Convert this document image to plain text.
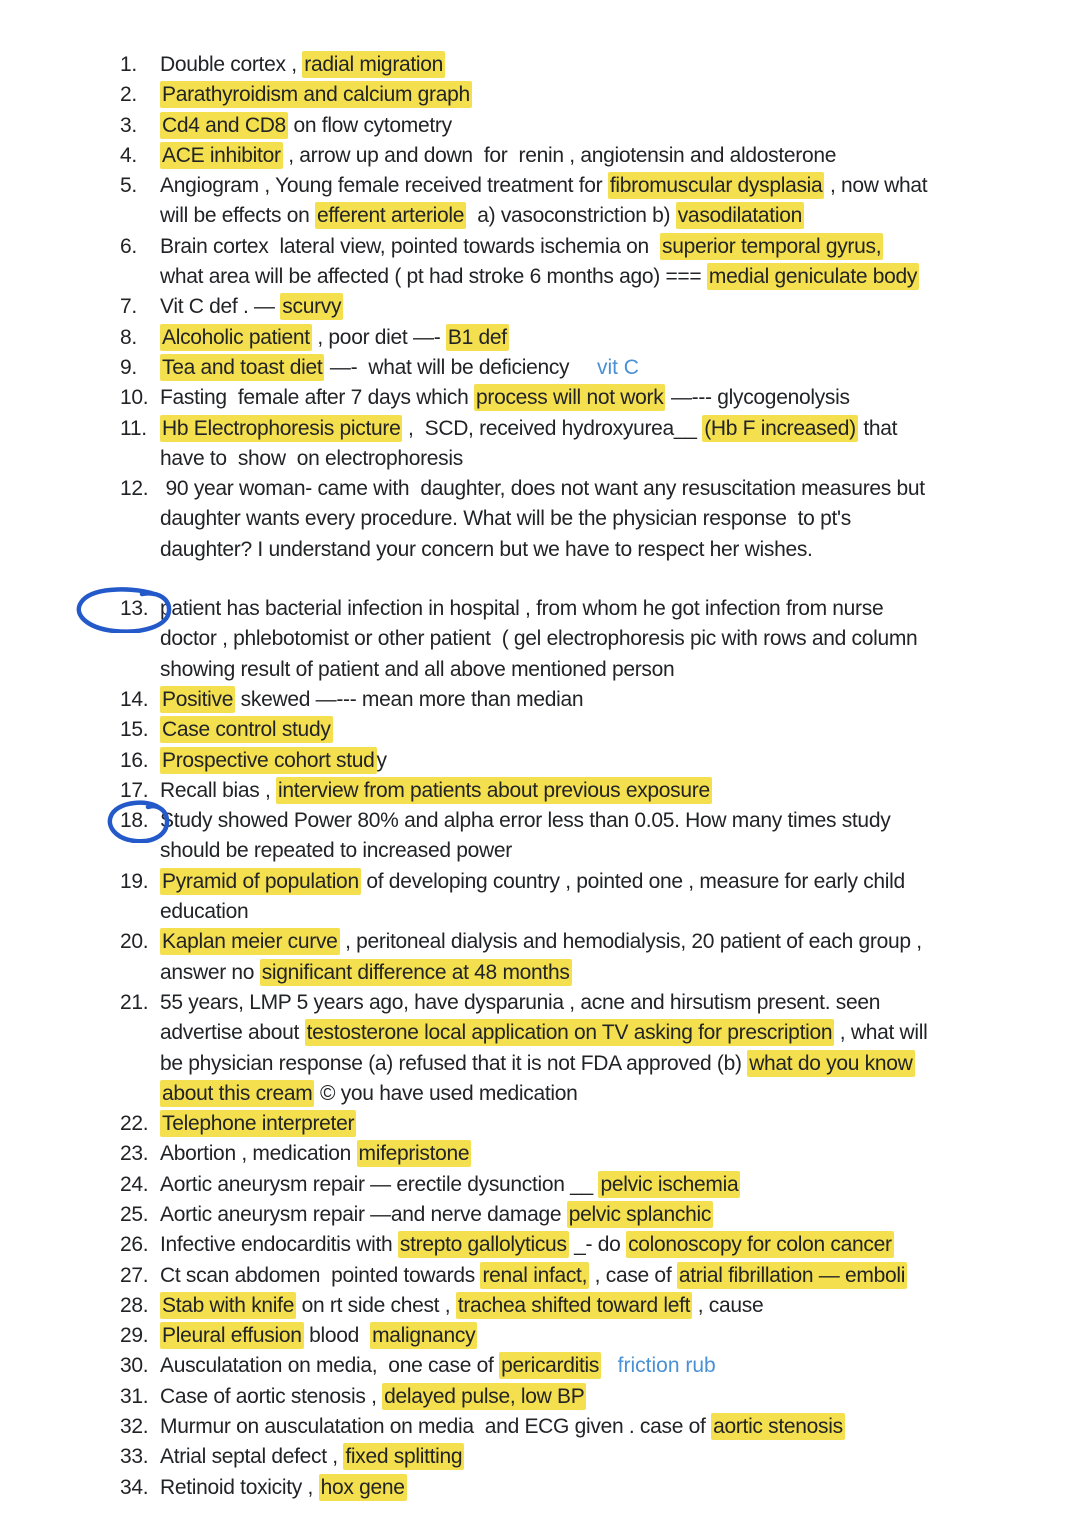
1.	Double cortex , radial migration
2.	Parathyroidism and calcium graph
3.	Cd4 and CD8 on flow cytometry
4.	ACE inhibitor , arrow up and down  for  renin , angiotensin and aldosterone
5.	Angiogram , Young female received treatment for fibromuscular dysplasia , now what
will be effects on efferent arteriole  a) vasoconstriction b) vasodilatation
6.	Brain cortex  lateral view, pointed towards ischemia on  superior temporal gyrus,
what area will be affected ( pt had stroke 6 months ago) === medial geniculate body
7.	Vit C def . — scurvy
8.	Alcoholic patient , poor diet —- B1 def
9.	Tea and toast diet —-  what will be deficiency     vit C
10. Fasting  female after 7 days which process will not work —--- glycogenolysis
11. Hb Electrophoresis picture ,  SCD, received hydroxyurea__ (Hb F increased) that
have to  show  on electrophoresis
12. 90 year woman- came with  daughter, does not want any resuscitation measures but
daughter wants every procedure. What will be the physician response  to pt's
daughter? I understand your concern but we have to respect her wishes.
13.
patient has bacterial infection in hospital , from whom he got infection from nurse
doctor , phlebotomist or other patient  ( gel electrophoresis pic with rows and column
showing result of patient and all above mentioned person
14. Positive skewed —--- mean more than median
15. Case control study
16. Prospective cohort study
17. Recall bias , interview from patients about previous exposure
18.
Study showed Power 80% and alpha error less than 0.05. How many times study
should be repeated to increased power
19. Pyramid of population of developing country , pointed one , measure for early child
education
20. Kaplan meier curve , peritoneal dialysis and hemodialysis, 20 patient of each group ,
answer no significant difference at 48 months
21. 55 years, LMP 5 years ago, have dysparunia , acne and hirsutism present. seen
advertise about testosterone local application on TV asking for prescription , what will
be physician response (a) refused that it is not FDA approved (b) what do you know
about this cream © you have used medication
22. Telephone interpreter
23. Abortion , medication mifepristone
24. Aortic aneurysm repair — erectile dysunction __ pelvic ischemia
25. Aortic aneurysm repair —and nerve damage pelvic splanchic
26. Infective endocarditis with strepto gallolyticus _- do colonoscopy for colon cancer
27. Ct scan abdomen  pointed towards renal infact, , case of atrial fibrillation — emboli
28. Stab with knife on rt side chest , trachea shifted toward left , cause
29. Pleural effusion blood  malignancy
30. Ausculatation on media,  one case of pericarditis friction rub
31. Case of aortic stenosis , delayed pulse, low BP
32. Murmur on ausculatation on media  and ECG given . case of aortic stenosis
33. Atrial septal defect , fixed splitting
34. Retinoid toxicity , hox gene
